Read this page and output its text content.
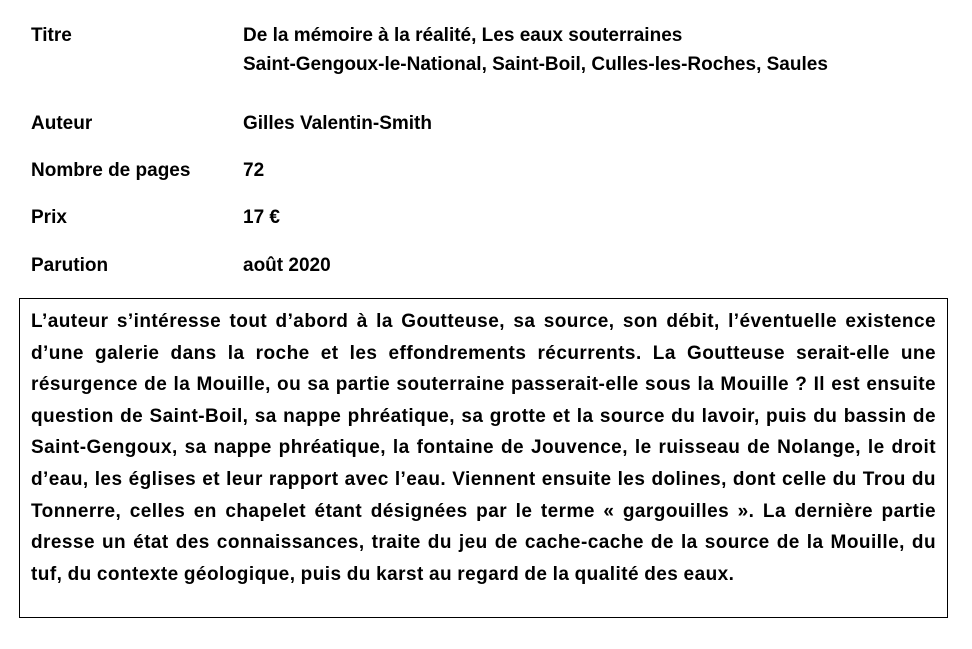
Titre	De la mémoire à la réalité, Les eaux souterraines
Saint-Gengoux-le-National, Saint-Boil, Culles-les-Roches, Saules
Auteur	Gilles Valentin-Smith
Nombre de pages	72
Prix	17 €
Parution	août 2020

L’auteur s’intéresse tout d’abord à la Goutteuse, sa source, son débit, l’éventuelle existence d’une galerie dans la roche et les effondrements récurrents. La Goutteuse serait-elle une résurgence de la Mouille, ou sa partie souterraine passerait-elle sous la Mouille ? Il est ensuite question de Saint-Boil, sa nappe phréatique, sa grotte et la source du lavoir, puis du bassin de Saint-Gengoux, sa nappe phréatique, la fontaine de Jouvence, le ruisseau de Nolange, le droit d’eau, les églises et leur rapport avec l’eau. Viennent ensuite les dolines, dont celle du Trou du Tonnerre, celles en chapelet étant désignées par le terme « gargouilles ». La dernière partie dresse un état des connaissances, traite du jeu de cache-cache de la source de la Mouille, du tuf, du contexte géologique, puis du karst au regard de la qualité des eaux.
